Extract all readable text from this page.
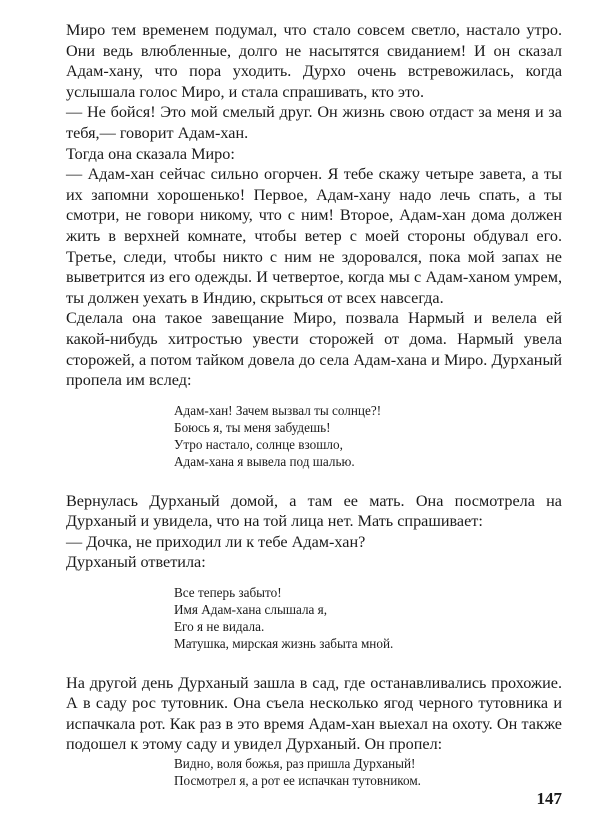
Миро тем временем подумал, что стало совсем светло, настало утро. Они ведь влюбленные, долго не насытятся свиданием! И он сказал Адам-хану, что пора уходить. Дурхо очень встревожилась, когда услышала голос Миро, и стала спрашивать, кто это.

— Не бойся! Это мой смелый друг. Он жизнь свою отдаст за меня и за тебя,— говорит Адам-хан.

Тогда она сказала Миро:

— Адам-хан сейчас сильно огорчен. Я тебе скажу четыре завета, а ты их запомни хорошенько! Первое, Адам-хану надо лечь спать, а ты смотри, не говори никому, что с ним! Второе, Адам-хан дома должен жить в верхней комнате, чтобы ветер с моей стороны обдувал его. Третье, следи, чтобы никто с ним не здоровался, пока мой запах не выветрится из его одежды. И четвертое, когда мы с Адам-ханом умрем, ты должен уехать в Индию, скрыться от всех навсегда.

Сделала она такое завещание Миро, позвала Нармый и велела ей какой-нибудь хитростью увести сторожей от дома. Нармый увела сторожей, а потом тайком довела до села Адам-хана и Миро. Дурханый пропела им вслед:

Адам-хан! Зачем вызвал ты солнце?!
Боюсь я, ты меня забудешь!
Утро настало, солнце взошло,
Адам-хана я вывела под шалью.

Вернулась Дурханый домой, а там ее мать. Она посмотрела на Дурханый и увидела, что на той лица нет. Мать спрашивает:

— Дочка, не приходил ли к тебе Адам-хан?

Дурханый ответила:

Все теперь забыто!
Имя Адам-хана слышала я,
Его я не видала.
Матушка, мирская жизнь забыта мной.

На другой день Дурханый зашла в сад, где останавливались прохожие. А в саду рос тутовник. Она съела несколько ягод черного тутовника и испачкала рот. Как раз в это время Адам-хан выехал на охоту. Он также подошел к этому саду и увидел Дурханый. Он пропел:

Видно, воля божья, раз пришла Дурханый!
Посмотрел я, а рот ее испачкан тутовником.
147
